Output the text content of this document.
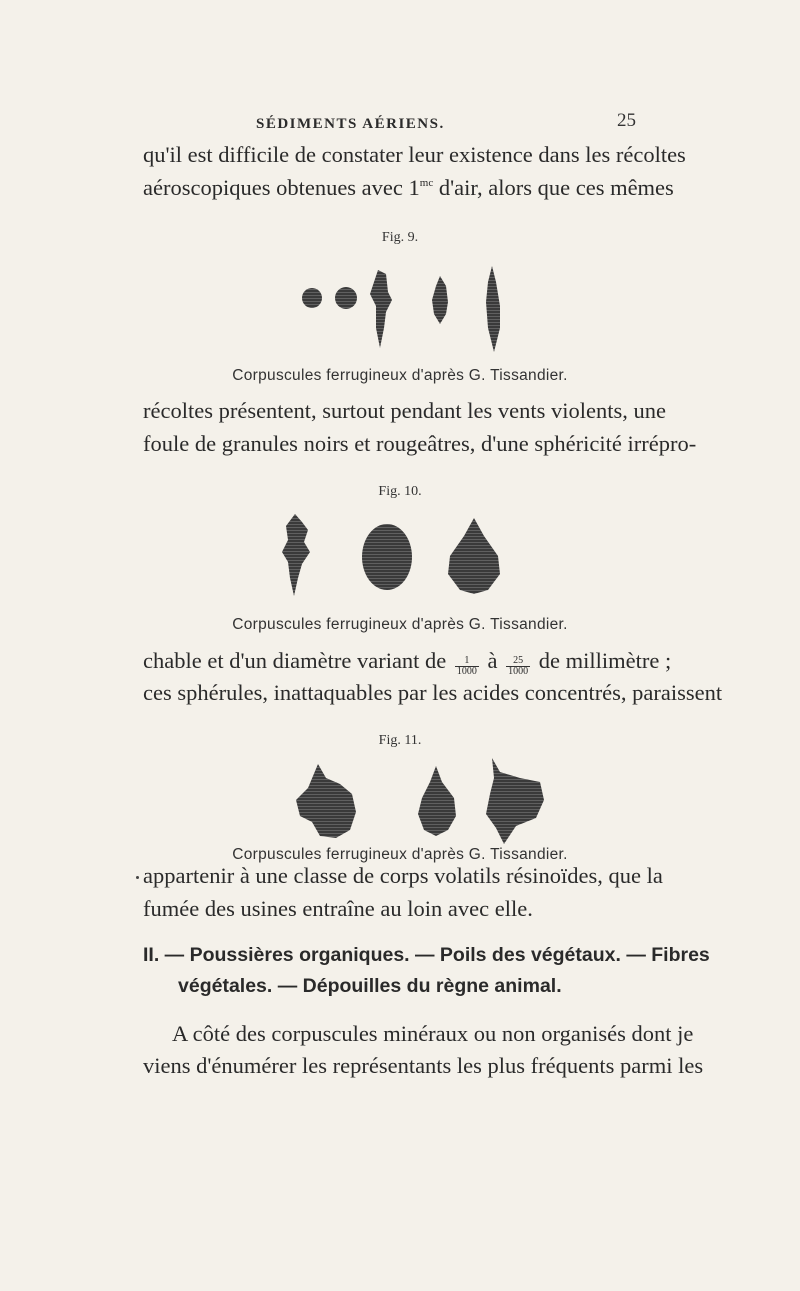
SÉDIMENTS AÉRIENS.	25
qu'il est difficile de constater leur existence dans les récoltes
aéroscopiques obtenues avec $1^{mc}$ d'air, alors que ces mêmes
Fig. 9.
Corpuscules ferrugineux d'après G. Tissandier.
récoltes présentent, surtout pendant les vents violents, une
foule de granules noirs et rougeâtres, d'une sphéricité irrépro-
Fig. 10.
Corpuscules ferrugineux d'après G. Tissandier.
chable et d'un diamètre variant de $\frac{1}{1000}$ à $\frac{25}{1000}$ de millimètre ;
ces sphérules, inattaquables par les acides concentrés, paraissent
Fig. 11.
Corpuscules ferrugineux d'après G. Tissandier.
appartenir à une classe de corps volatils résinoïdes, que la
fumée des usines entraîne au loin avec elle.
II. — Poussières organiques. — Poils des végétaux. — Fibres
végétales. — Dépouilles du règne animal.
A côté des corpuscules minéraux ou non organisés dont je
viens d'énumérer les représentants les plus fréquents parmi les
